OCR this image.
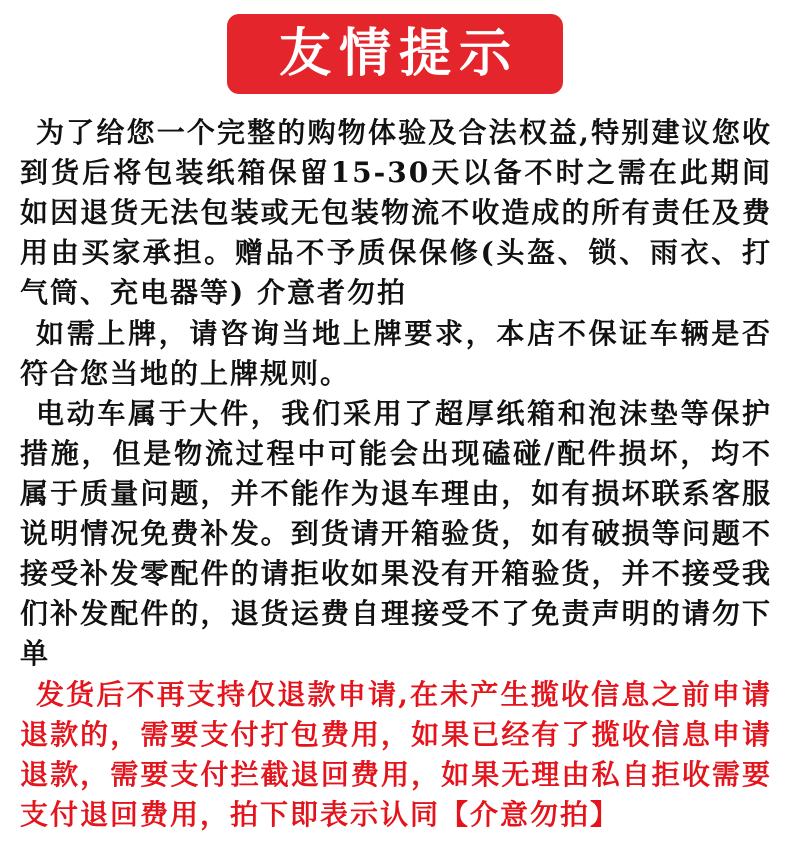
友情提示

为了给您一个完整的购物体验及合法权益,特别建议您收到货后将包装纸箱保留15-30天以备不时之需在此期间如因退货无法包装或无包装物流不收造成的所有责任及费用由买家承担。赠品不予质保保修(头盔、锁、雨衣、打气筒、充电器等) 介意者勿拍

如需上牌，请咨询当地上牌要求，本店不保证车辆是否符合您当地的上牌规则。

电动车属于大件，我们采用了超厚纸箱和泡沫垫等保护措施，但是物流过程中可能会出现磕碰/配件损坏，均不属于质量问题，并不能作为退车理由，如有损坏联系客服说明情况免费补发。到货请开箱验货，如有破损等问题不接受补发零配件的请拒收如果没有开箱验货，并不接受我们补发配件的，退货运费自理接受不了免责声明的请勿下单

发货后不再支持仅退款申请,在未产生揽收信息之前申请退款的，需要支付打包费用，如果已经有了揽收信息申请退款，需要支付拦截退回费用，如果无理由私自拒收需要支付退回费用，拍下即表示认同【介意勿拍】
